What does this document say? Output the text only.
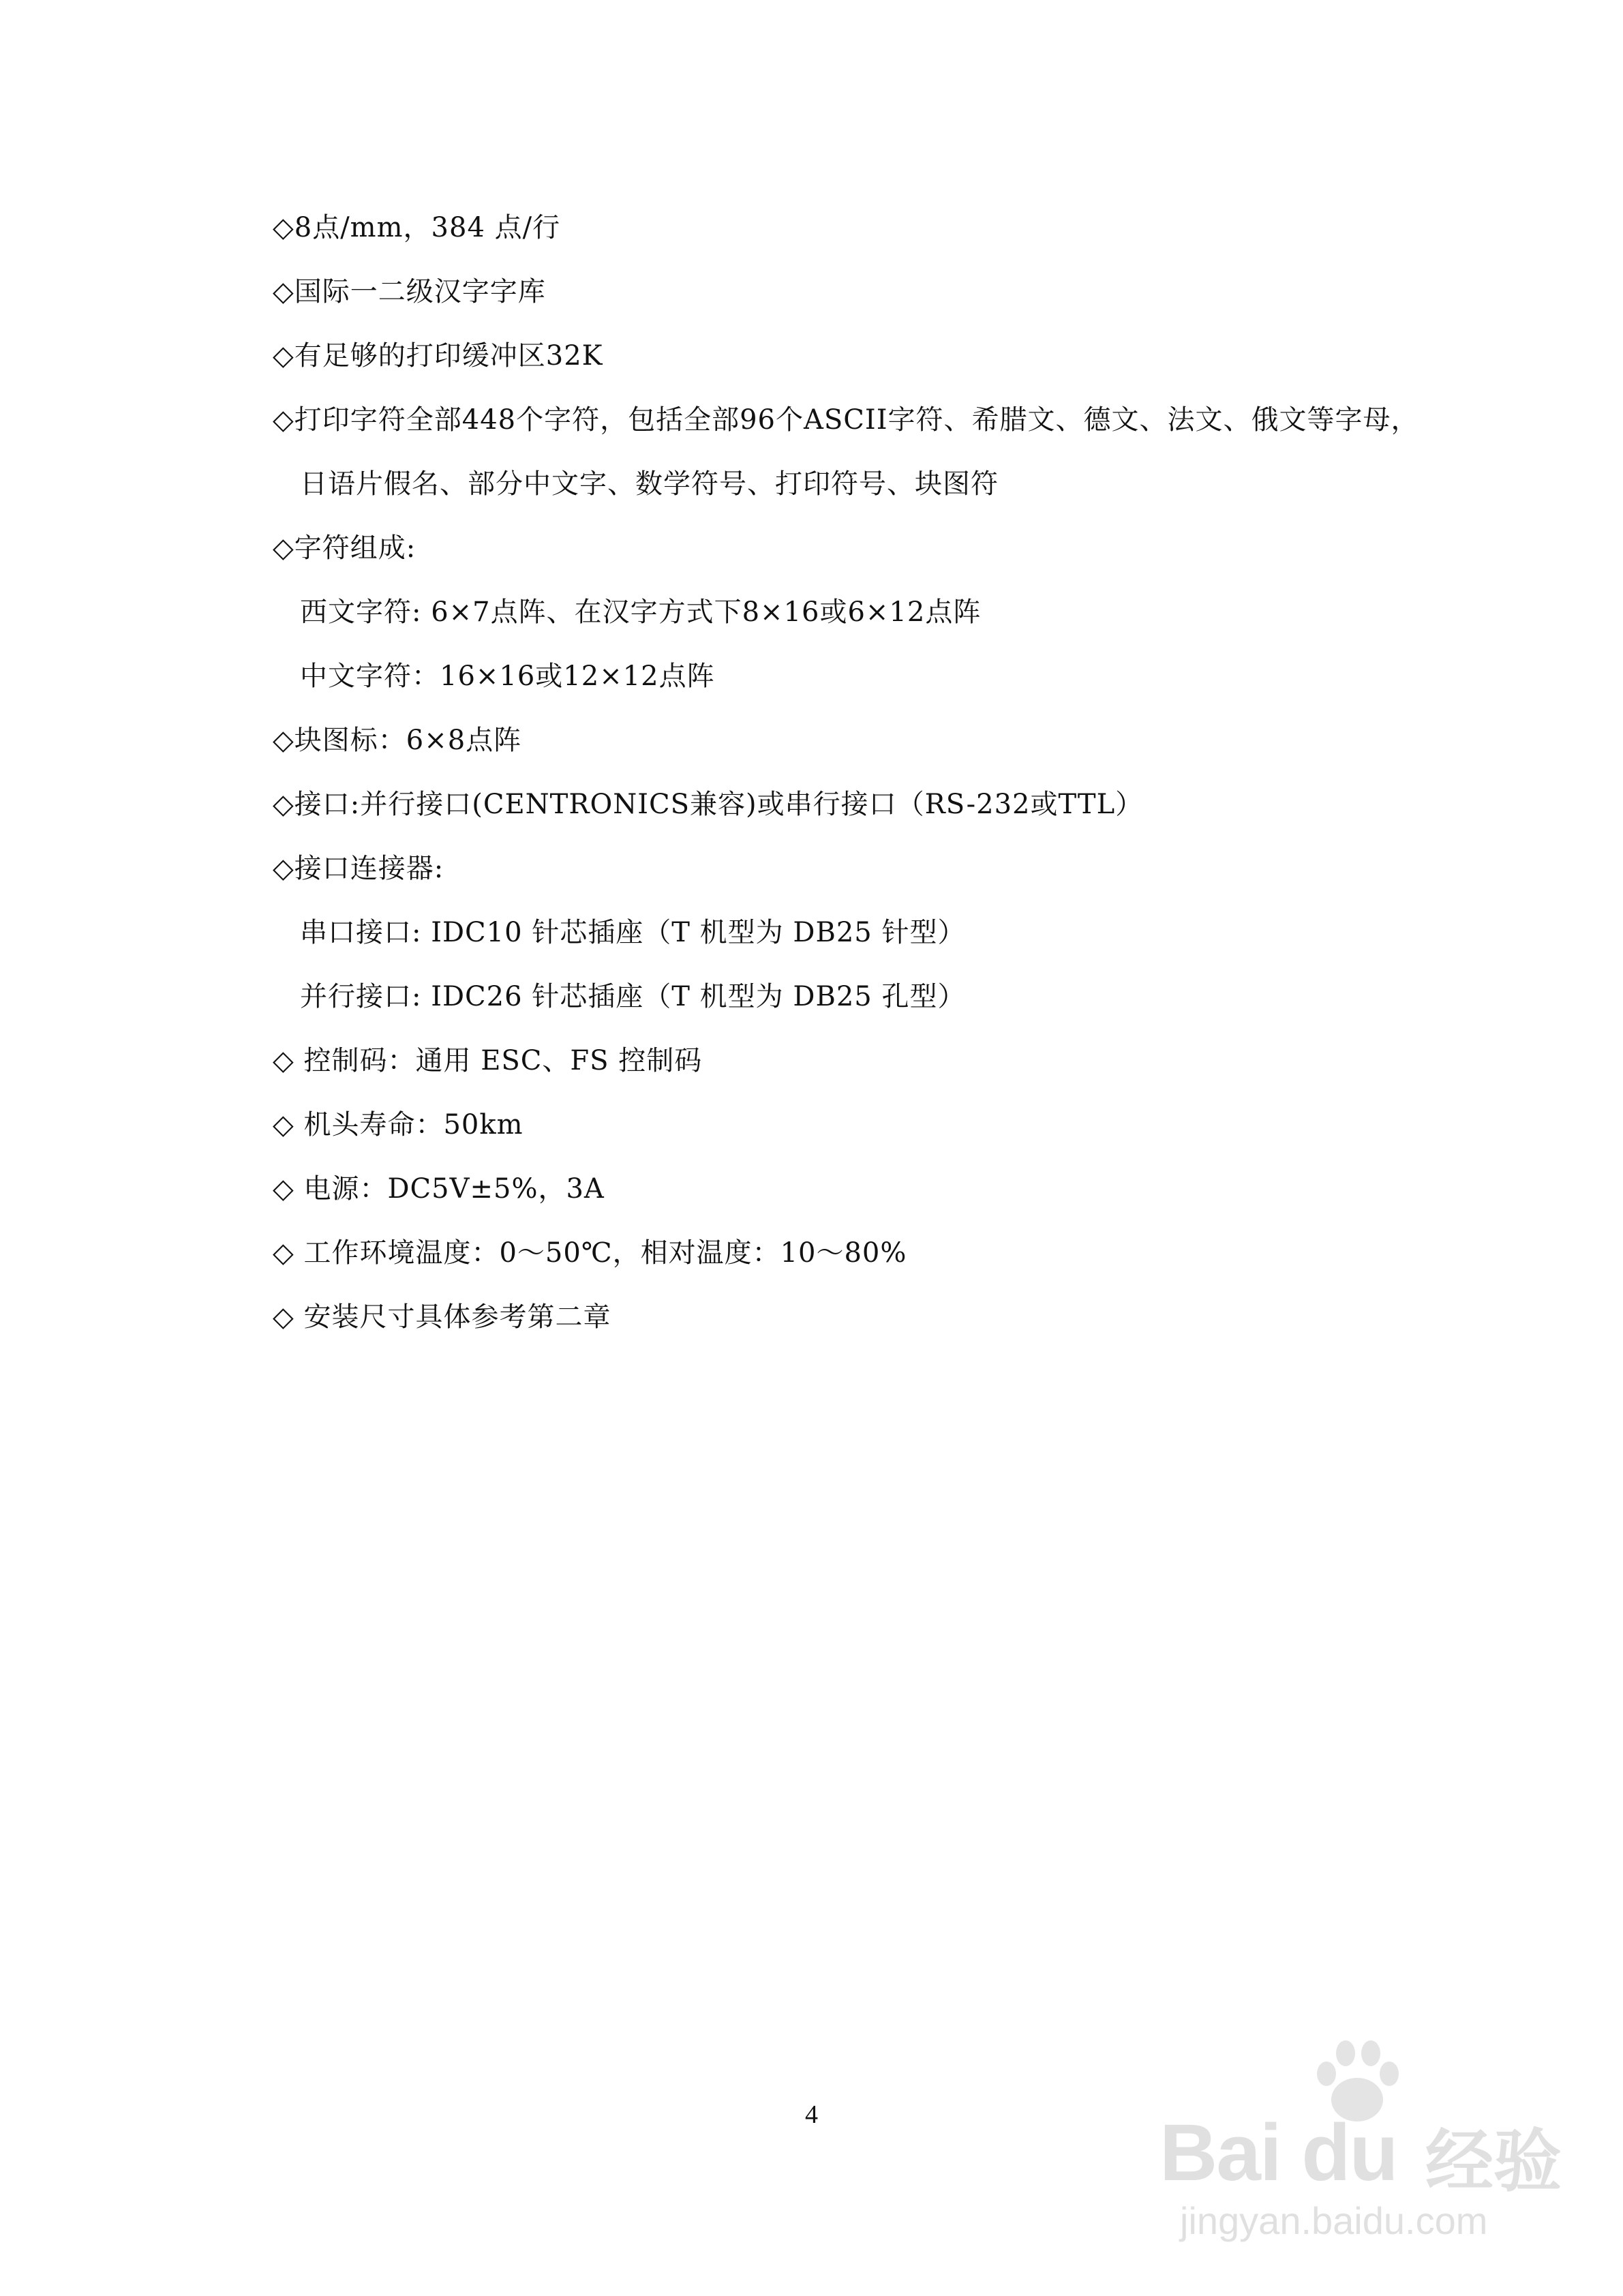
◇8点/mm，384 点/行
◇国际一二级汉字字库
◇有足够的打印缓冲区32K
◇打印字符全部448个字符，包括全部96个ASCII字符、希腊文、德文、法文、俄文等字母，
日语片假名、部分中文字、数学符号、打印符号、块图符
◇字符组成:
西文字符: 6×7点阵、在汉字方式下8×16或6×12点阵
中文字符：16×16或12×12点阵
◇块图标：6×8点阵
◇接口:并行接口(CENTRONICS兼容)或串行接口（RS-232或TTL）
◇接口连接器:
串口接口: IDC10 针芯插座（T 机型为 DB25 针型）
并行接口: IDC26 针芯插座（T 机型为 DB25 孔型）
◇ 控制码：通用 ESC、FS 控制码
◇ 机头寿命：50km
◇ 电源：DC5V±5%，3A
◇ 工作环境温度：0～50℃，相对温度：10～80%
◇ 安装尺寸具体参考第二章
4	Bai du 经验
jingyan.baidu.com
